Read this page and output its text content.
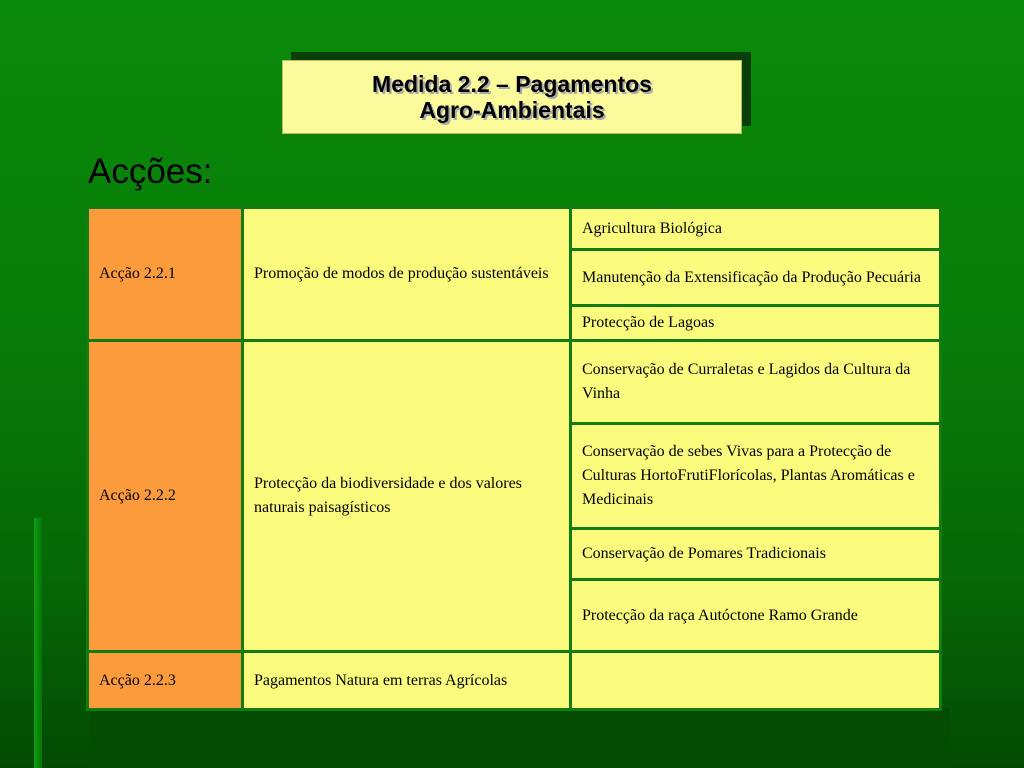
Medida 2.2 – Pagamentos
Agro-Ambientais
Acções:
Acção 2.2.1	Promoção de modos de produção sustentáveis	Agricultura Biológica
		Manutenção da Extensificação da Produção Pecuária
		Protecção de Lagoas
Acção 2.2.2	Protecção da biodiversidade e dos valores naturais paisagísticos	Conservação de Curraletas e Lagidos da Cultura da Vinha
		Conservação de sebes Vivas para a Protecção de Culturas HortoFrutiFlorícolas, Plantas Aromáticas e Medicinais
		Conservação de Pomares Tradicionais
		Protecção da raça Autóctone Ramo Grande
Acção 2.2.3	Pagamentos Natura em terras Agrícolas	
